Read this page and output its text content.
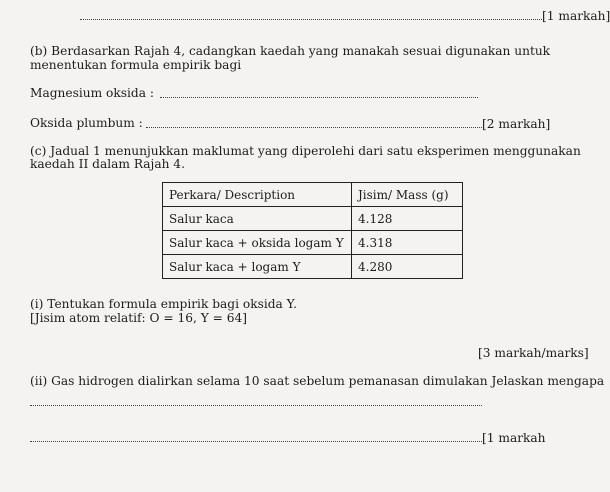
[1 markah]
(b) Berdasarkan Rajah 4, cadangkan kaedah yang manakah sesuai digunakan untuk
menentukan formula empirik bagi
Magnesium oksida :
Oksida plumbum :	[2 markah]
(c) Jadual 1 menunjukkan maklumat yang diperolehi dari satu eksperimen menggunakan
kaedah II dalam Rajah 4.
Perkara/ Description	Jisim/ Mass (g)
Salur kaca	4.128
Salur kaca + oksida logam Y	4.318
Salur kaca + logam Y	4.280
(i) Tentukan formula empirik bagi oksida Y.
[Jisim atom relatif: O = 16, Y = 64]
[3 markah/marks]
(ii) Gas hidrogen dialirkan selama 10 saat sebelum pemanasan dimulakan Jelaskan mengapa
[1 markah
